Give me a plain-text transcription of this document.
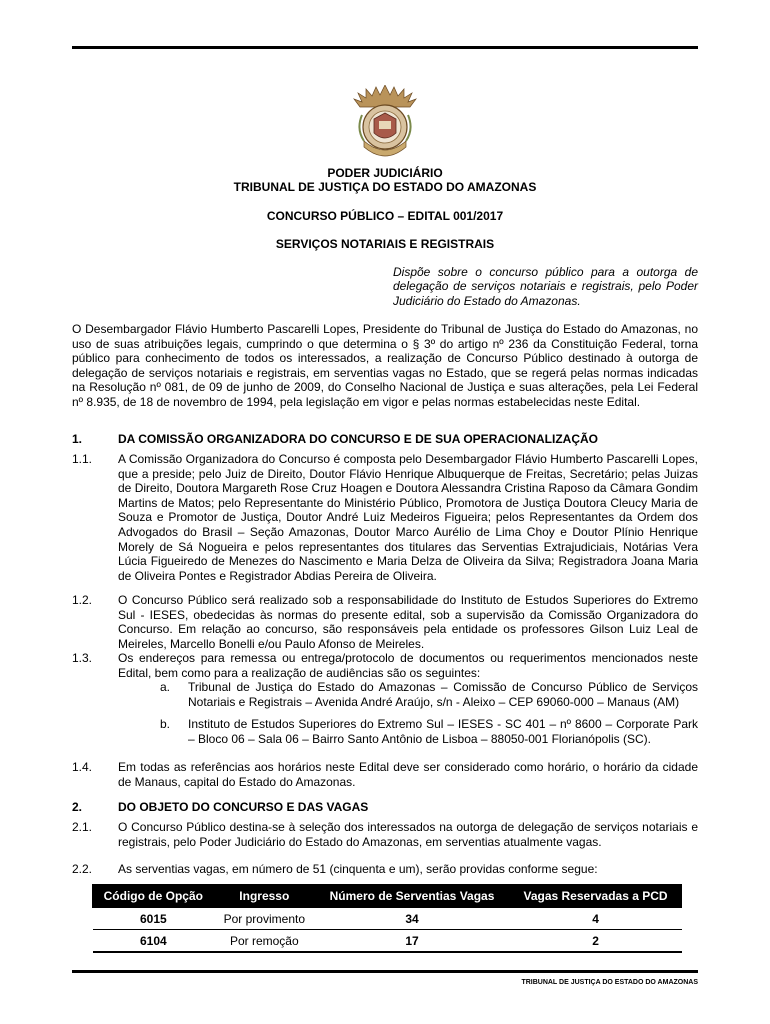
PODER JUDICIÁRIO
TRIBUNAL DE JUSTIÇA DO ESTADO DO AMAZONAS
CONCURSO PÚBLICO – EDITAL 001/2017
SERVIÇOS NOTARIAIS E REGISTRAIS
Dispõe sobre o concurso público para a outorga de delegação de serviços notariais e registrais, pelo Poder Judiciário do Estado do Amazonas.
O Desembargador Flávio Humberto Pascarelli Lopes, Presidente do Tribunal de Justiça do Estado do Amazonas, no uso de suas atribuições legais, cumprindo o que determina o § 3º do artigo nº 236 da Constituição Federal, torna público para conhecimento de todos os interessados, a realização de Concurso Público destinado à outorga de delegação de serviços notariais e registrais, em serventias vagas no Estado, que se regerá pelas normas indicadas na Resolução nº 081, de 09 de junho de 2009, do Conselho Nacional de Justiça e suas alterações, pela Lei Federal nº 8.935, de 18 de novembro de 1994, pela legislação em vigor e pelas normas estabelecidas neste Edital.
1.	DA COMISSÃO ORGANIZADORA DO CONCURSO E DE SUA OPERACIONALIZAÇÃO
1.1. A Comissão Organizadora do Concurso é composta pelo Desembargador Flávio Humberto Pascarelli Lopes, que a preside; pelo Juiz de Direito, Doutor Flávio Henrique Albuquerque de Freitas, Secretário; pelas Juizas de Direito, Doutora Margareth Rose Cruz Hoagen e Doutora Alessandra Cristina Raposo da Câmara Gondim Martins de Matos; pelo Representante do Ministério Público, Promotora de Justiça Doutora Cleucy Maria de Souza e Promotor de Justiça, Doutor André Luiz Medeiros Figueira; pelos Representantes da Ordem dos Advogados do Brasil – Seção Amazonas, Doutor Marco Aurélio de Lima Choy e Doutor Plínio Henrique Morely de Sá Nogueira e pelos representantes dos titulares das Serventias Extrajudiciais, Notárias Vera Lúcia Figueiredo de Menezes do Nascimento e Maria Delza de Oliveira da Silva; Registradora Joana Maria de Oliveira Pontes e Registrador Abdias Pereira de Oliveira.
1.2. O Concurso Público será realizado sob a responsabilidade do Instituto de Estudos Superiores do Extremo Sul - IESES, obedecidas às normas do presente edital, sob a supervisão da Comissão Organizadora do Concurso. Em relação ao concurso, são responsáveis pela entidade os professores Gilson Luiz Leal de Meireles, Marcello Bonelli e/ou Paulo Afonso de Meireles.
1.3. Os endereços para remessa ou entrega/protocolo de documentos ou requerimentos mencionados neste Edital, bem como para a realização de audiências são os seguintes:
a. Tribunal de Justiça do Estado do Amazonas – Comissão de Concurso Público de Serviços Notariais e Registrais – Avenida André Araújo, s/n - Aleixo – CEP 69060-000 – Manaus (AM)
b. Instituto de Estudos Superiores do Extremo Sul – IESES - SC 401 – nº 8600 – Corporate Park – Bloco 06 – Sala 06 – Bairro Santo Antônio de Lisboa – 88050-001 Florianópolis (SC).
1.4. Em todas as referências aos horários neste Edital deve ser considerado como horário, o horário da cidade de Manaus, capital do Estado do Amazonas.
2.	DO OBJETO DO CONCURSO E DAS VAGAS
2.1. O Concurso Público destina-se à seleção dos interessados na outorga de delegação de serviços notariais e registrais, pelo Poder Judiciário do Estado do Amazonas, em serventias atualmente vagas.
2.2. As serventias vagas, em número de 51 (cinquenta e um), serão providas conforme segue:
Código de Opção	Ingresso	Número de Serventias Vagas	Vagas Reservadas a PCD
6015	Por provimento	34	4
6104	Por remoção	17	2
TRIBUNAL DE JUSTIÇA DO ESTADO DO AMAZONAS
